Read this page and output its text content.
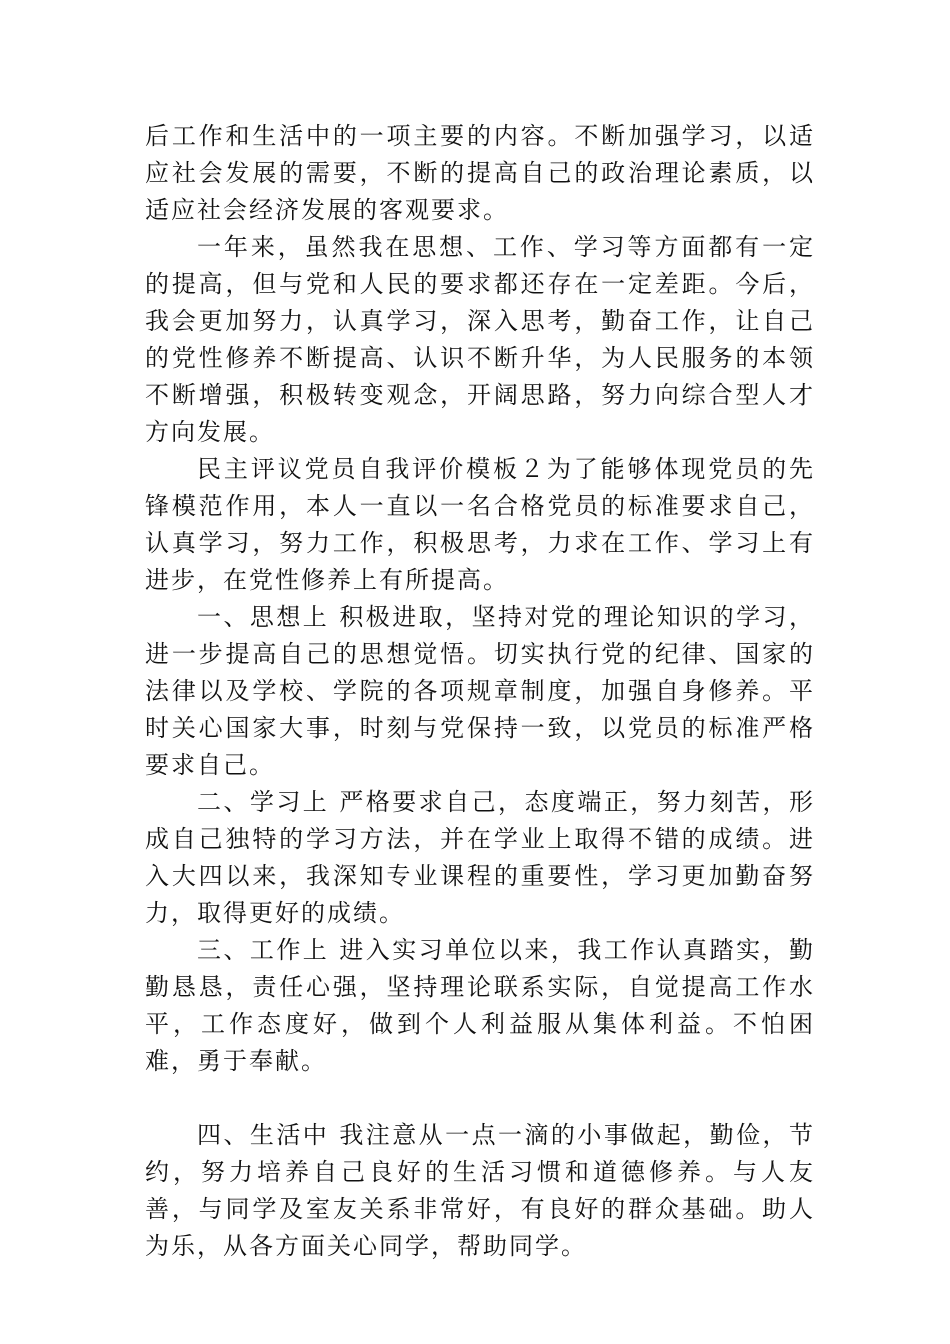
后工作和生活中的一项主要的内容。不断加强学习，以适应社会发展的需要，不断的提高自己的政治理论素质，以适应社会经济发展的客观要求。

一年来，虽然我在思想、工作、学习等方面都有一定的提高，但与党和人民的要求都还存在一定差距。今后，我会更加努力，认真学习，深入思考，勤奋工作，让自己的党性修养不断提高、认识不断升华，为人民服务的本领不断增强，积极转变观念，开阔思路，努力向综合型人才方向发展。

民主评议党员自我评价模板２为了能够体现党员的先锋模范作用，本人一直以一名合格党员的标准要求自己，认真学习，努力工作，积极思考，力求在工作、学习上有进步，在党性修养上有所提高。

一、思想上 积极进取，坚持对党的理论知识的学习，进一步提高自己的思想觉悟。切实执行党的纪律、国家的法律以及学校、学院的各项规章制度，加强自身修养。平时关心国家大事，时刻与党保持一致，以党员的标准严格要求自己。

二、学习上 严格要求自己，态度端正，努力刻苦，形成自己独特的学习方法，并在学业上取得不错的成绩。进入大四以来，我深知专业课程的重要性，学习更加勤奋努力，取得更好的成绩。

三、工作上 进入实习单位以来，我工作认真踏实，勤勤恳恳，责任心强，坚持理论联系实际，自觉提高工作水平，工作态度好，做到个人利益服从集体利益。不怕困难，勇于奉献。

四、生活中 我注意从一点一滴的小事做起，勤俭，节约，努力培养自己良好的生活习惯和道德修养。与人友善，与同学及室友关系非常好，有良好的群众基础。助人为乐，从各方面关心同学，帮助同学。
